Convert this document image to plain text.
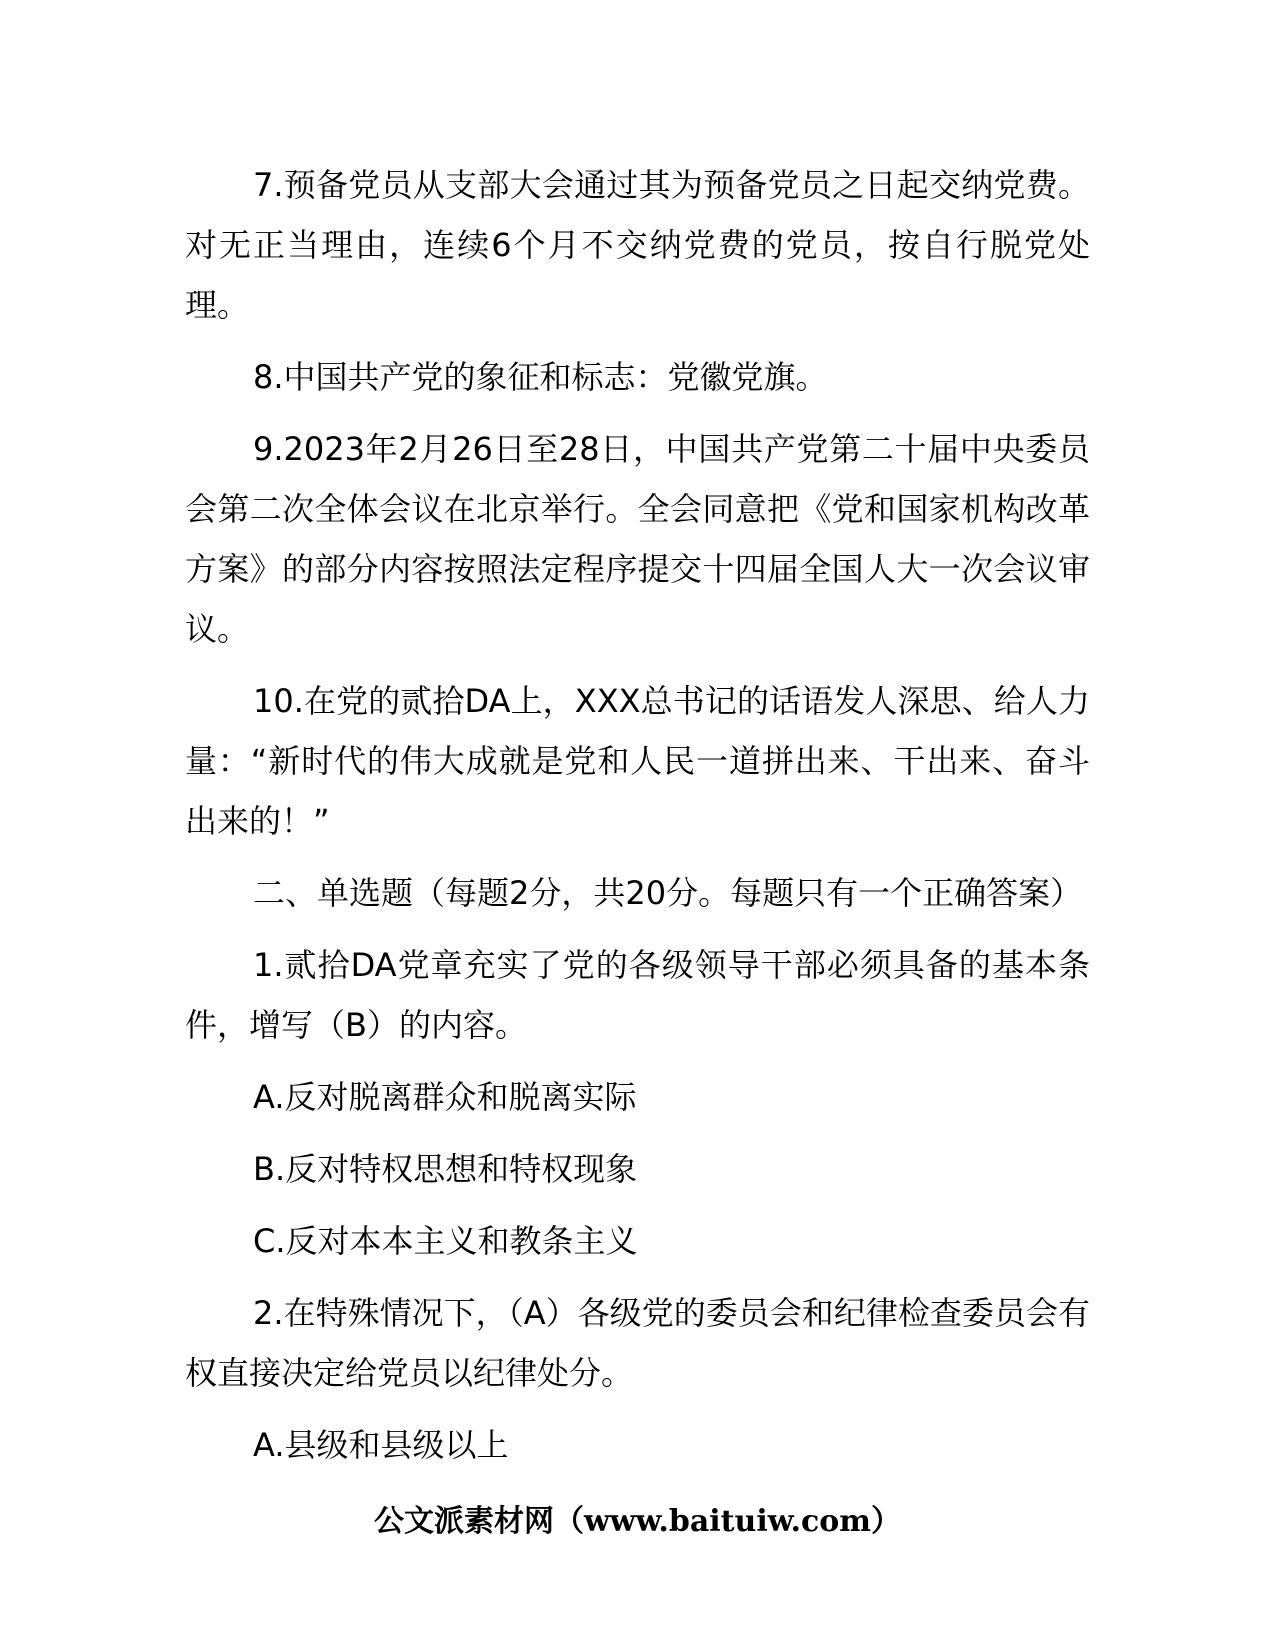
7.预备党员从支部大会通过其为预备党员之日起交纳党费。对无正当理由，连续6个月不交纳党费的党员，按自行脱党处理。

8.中国共产党的象征和标志：党徽党旗。

9.2023年2月26日至28日，中国共产党第二十届中央委员会第二次全体会议在北京举行。全会同意把《党和国家机构改革方案》的部分内容按照法定程序提交十四届全国人大一次会议审议。

10.在党的贰拾DA上，XXX总书记的话语发人深思、给人力量：“新时代的伟大成就是党和人民一道拼出来、干出来、奋斗出来的！”

二、单选题（每题2分，共20分。每题只有一个正确答案）

1.贰拾DA党章充实了党的各级领导干部必须具备的基本条件，增写（B）的内容。

A.反对脱离群众和脱离实际

B.反对特权思想和特权现象

C.反对本本主义和教条主义

2.在特殊情况下，（A）各级党的委员会和纪律检查委员会有权直接决定给党员以纪律处分。

A.县级和县级以上

公文派素材网（www.baituiw.com）
